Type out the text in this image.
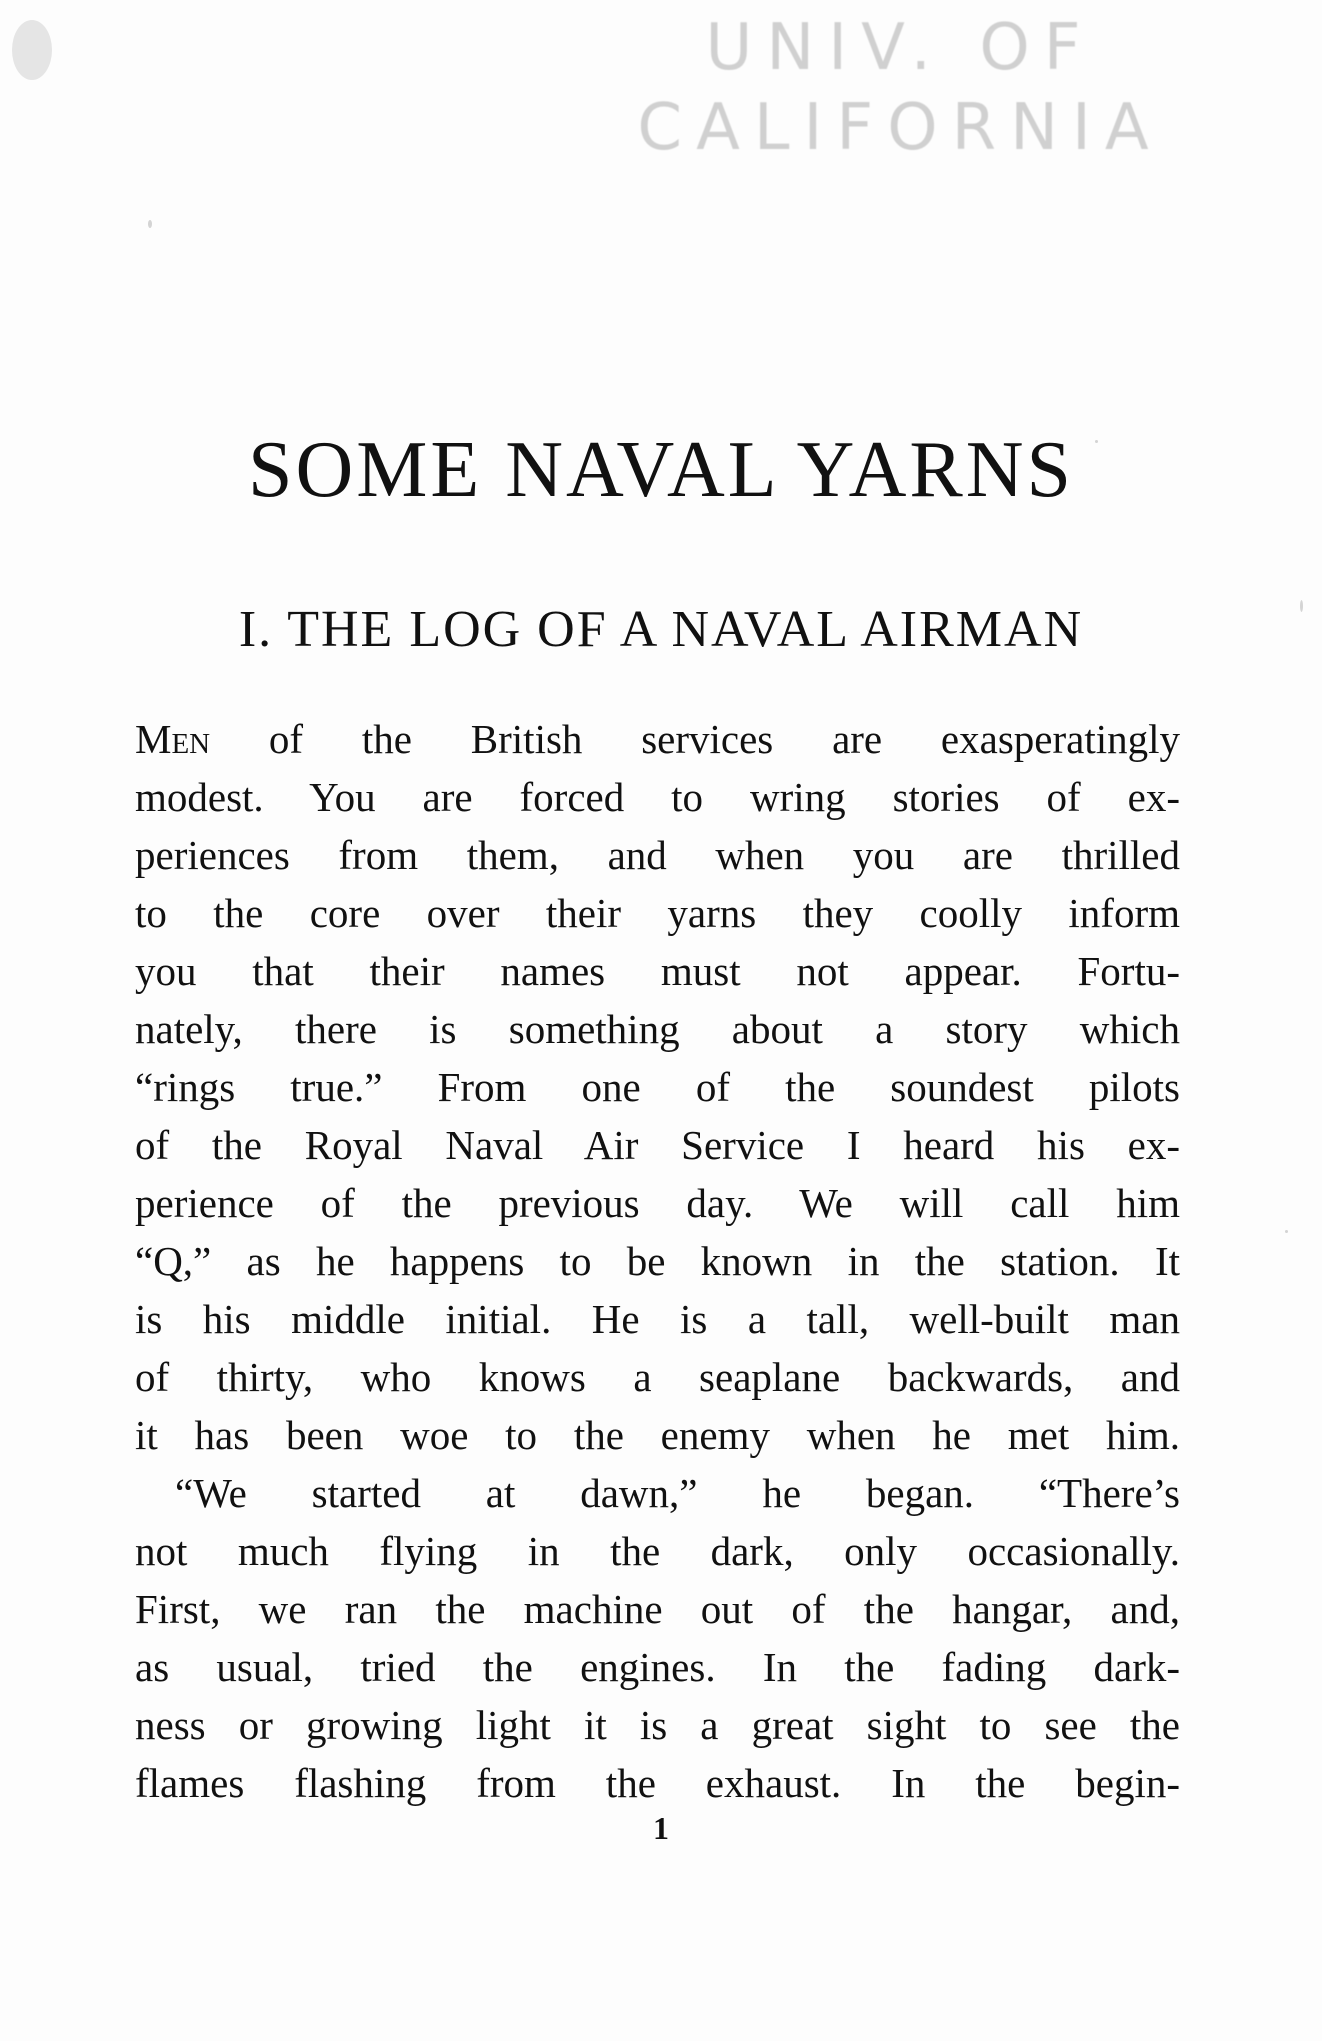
UNIV. OF
CALIFORNIA
SOME NAVAL YARNS
I. THE LOG OF A NAVAL AIRMAN
Men of the British services are exasperatingly
modest. You are forced to wring stories of ex-
periences from them, and when you are thrilled
to the core over their yarns they coolly inform
you that their names must not appear. Fortu-
nately, there is something about a story which
“rings true.” From one of the soundest pilots
of the Royal Naval Air Service I heard his ex-
perience of the previous day. We will call him
“Q,” as he happens to be known in the station. It
is his middle initial. He is a tall, well-built man
of thirty, who knows a seaplane backwards, and
it has been woe to the enemy when he met him.
“We started at dawn,” he began. “There’s
not much flying in the dark, only occasionally.
First, we ran the machine out of the hangar, and,
as usual, tried the engines. In the fading dark-
ness or growing light it is a great sight to see the
flames flashing from the exhaust. In the begin-
1
